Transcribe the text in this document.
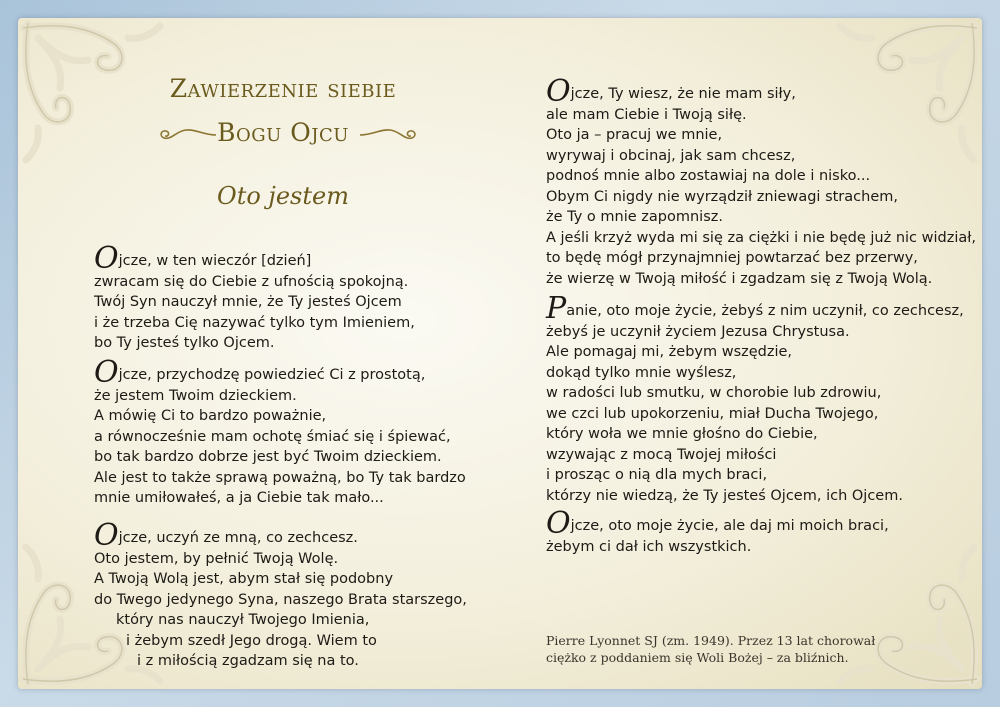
Zawierzenie siebie
Bogu Ojcu
Oto jestem
Ojcze, w ten wieczór [dzień]
zwracam się do Ciebie z ufnością spokojną.
Twój Syn nauczył mnie, że Ty jesteś Ojcem
i że trzeba Cię nazywać tylko tym Imieniem,
bo Ty jesteś tylko Ojcem.
Ojcze, przychodzę powiedzieć Ci z prostotą,
że jestem Twoim dzieckiem.
A mówię Ci to bardzo poważnie,
a równocześnie mam ochotę śmiać się i śpiewać,
bo tak bardzo dobrze jest być Twoim dzieckiem.
Ale jest to także sprawą poważną, bo Ty tak bardzo
mnie umiłowałeś, a ja Ciebie tak mało...
Ojcze, uczyń ze mną, co zechcesz.
Oto jestem, by pełnić Twoją Wolę.
A Twoją Wolą jest, abym stał się podobny
do Twego jedynego Syna, naszego Brata starszego,
który nas nauczył Twojego Imienia,
i żebym szedł Jego drogą. Wiem to
i z miłością zgadzam się na to.
Ojcze, Ty wiesz, że nie mam siły,
ale mam Ciebie i Twoją siłę.
Oto ja – pracuj we mnie,
wyrywaj i obcinaj, jak sam chcesz,
podnoś mnie albo zostawiaj na dole i nisko...
Obym Ci nigdy nie wyrządził zniewagi strachem,
że Ty o mnie zapomnisz.
A jeśli krzyż wyda mi się za ciężki i nie będę już nic widział,
to będę mógł przynajmniej powtarzać bez przerwy,
że wierzę w Twoją miłość i zgadzam się z Twoją Wolą.
Panie, oto moje życie, żebyś z nim uczynił, co zechcesz,
żebyś je uczynił życiem Jezusa Chrystusa.
Ale pomagaj mi, żebym wszędzie,
dokąd tylko mnie wyślesz,
w radości lub smutku, w chorobie lub zdrowiu,
we czci lub upokorzeniu, miał Ducha Twojego,
który woła we mnie głośno do Ciebie,
wzywając z mocą Twojej miłości
i prosząc o nią dla mych braci,
którzy nie wiedzą, że Ty jesteś Ojcem, ich Ojcem.
Ojcze, oto moje życie, ale daj mi moich braci,
żebym ci dał ich wszystkich.
Pierre Lyonnet SJ (zm. 1949). Przez 13 lat chorował
ciężko z poddaniem się Woli Bożej – za bliźnich.
